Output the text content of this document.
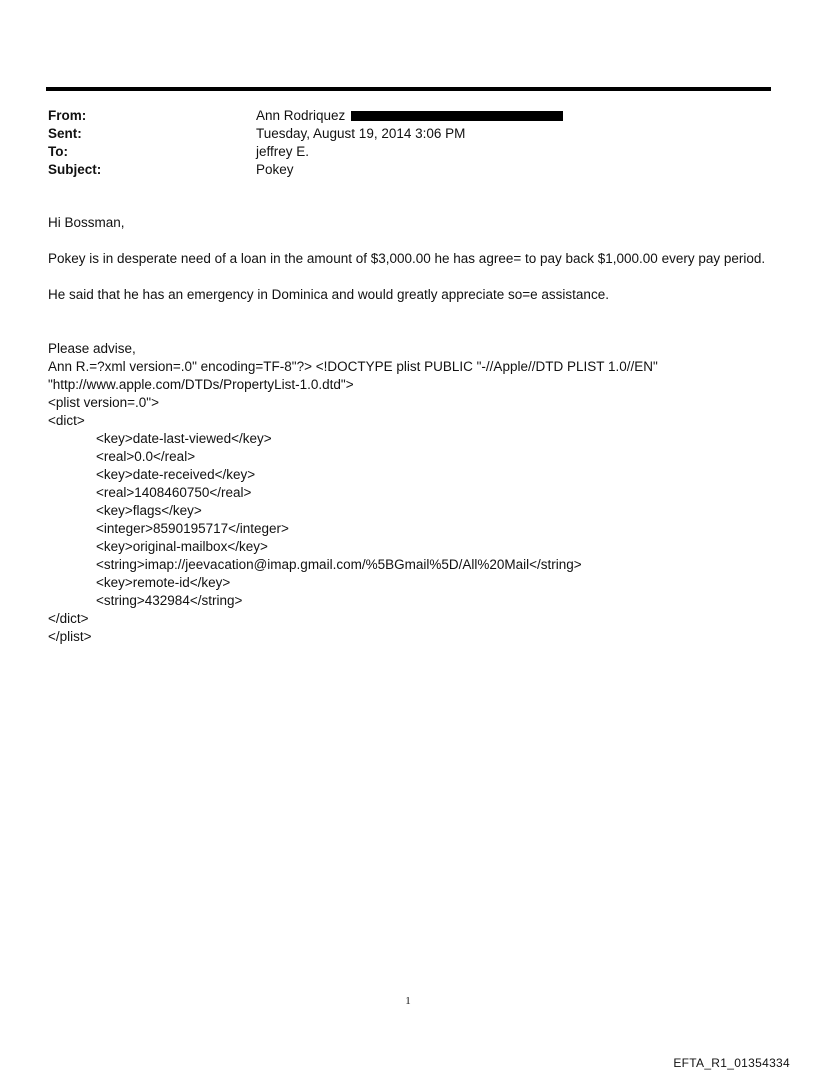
From:	Ann Rodriquez
Sent:	Tuesday, August 19, 2014 3:06 PM
To:	jeffrey E.
Subject:	Pokey

Hi Bossman,

Pokey is in desperate need of a loan in the amount of $3,000.00 he has agree= to pay back $1,000.00 every pay period.

He said that he has an emergency in Dominica and would greatly appreciate so=e assistance.

Please advise,

Ann R.=?xml version=.0" encoding=TF-8"?> <!DOCTYPE plist PUBLIC "-//Apple//DTD PLIST 1.0//EN"

"http://www.apple.com/DTDs/PropertyList-1.0.dtd">

<plist version=.0">

<dict>

<key>date-last-viewed</key>

<real>0.0</real>

<key>date-received</key>

<real>1408460750</real>

<key>flags</key>

<integer>8590195717</integer>

<key>original-mailbox</key>

<string>imap://jeevacation@imap.gmail.com/%5BGmail%5D/All%20Mail</string>

<key>remote-id</key>

<string>432984</string>

</dict>

</plist>

1
EFTA_R1_01354334
